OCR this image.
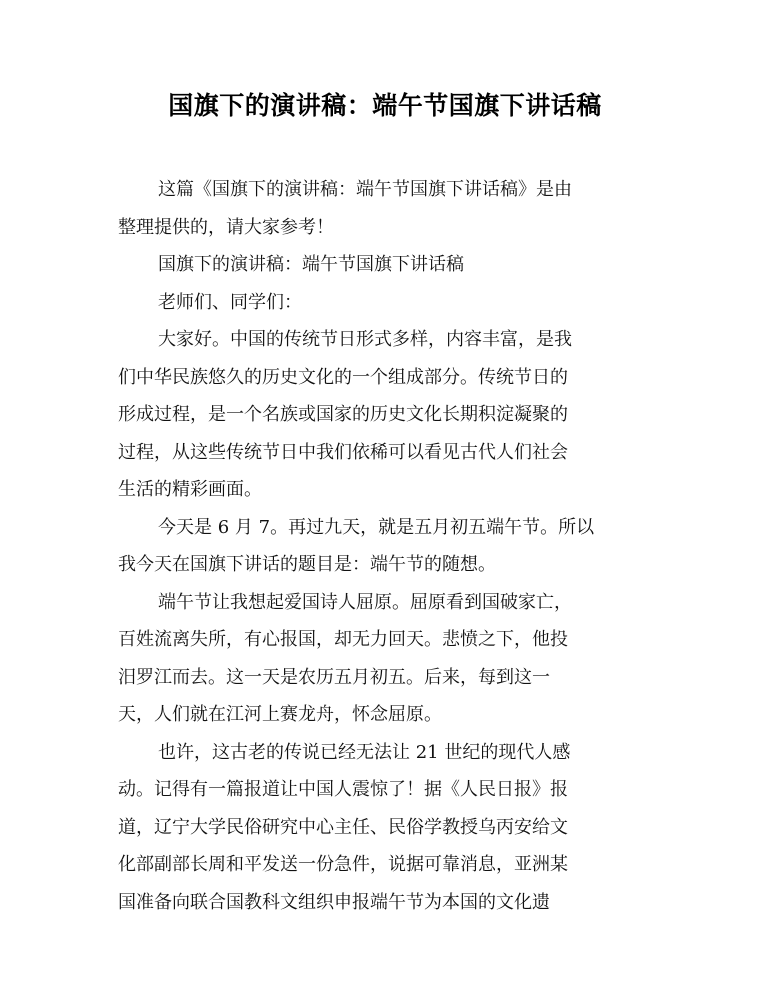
国旗下的演讲稿：端午节国旗下讲话稿
这篇《国旗下的演讲稿：端午节国旗下讲话稿》是由
整理提供的，请大家参考！
国旗下的演讲稿：端午节国旗下讲话稿
老师们、同学们：
大家好。中国的传统节日形式多样，内容丰富，是我
们中华民族悠久的历史文化的一个组成部分。传统节日的
形成过程，是一个名族或国家的历史文化长期积淀凝聚的
过程，从这些传统节日中我们依稀可以看见古代人们社会
生活的精彩画面。
今天是 6 月 7。再过九天，就是五月初五端午节。所以
我今天在国旗下讲话的题目是：端午节的随想。
端午节让我想起爱国诗人屈原。屈原看到国破家亡，
百姓流离失所，有心报国，却无力回天。悲愤之下，他投
汨罗江而去。这一天是农历五月初五。后来，每到这一
天，人们就在江河上赛龙舟，怀念屈原。
也许，这古老的传说已经无法让 21 世纪的现代人感
动。记得有一篇报道让中国人震惊了！据《人民日报》报
道，辽宁大学民俗研究中心主任、民俗学教授乌丙安给文
化部副部长周和平发送一份急件，说据可靠消息，亚洲某
国准备向联合国教科文组织申报端午节为本国的文化遗
